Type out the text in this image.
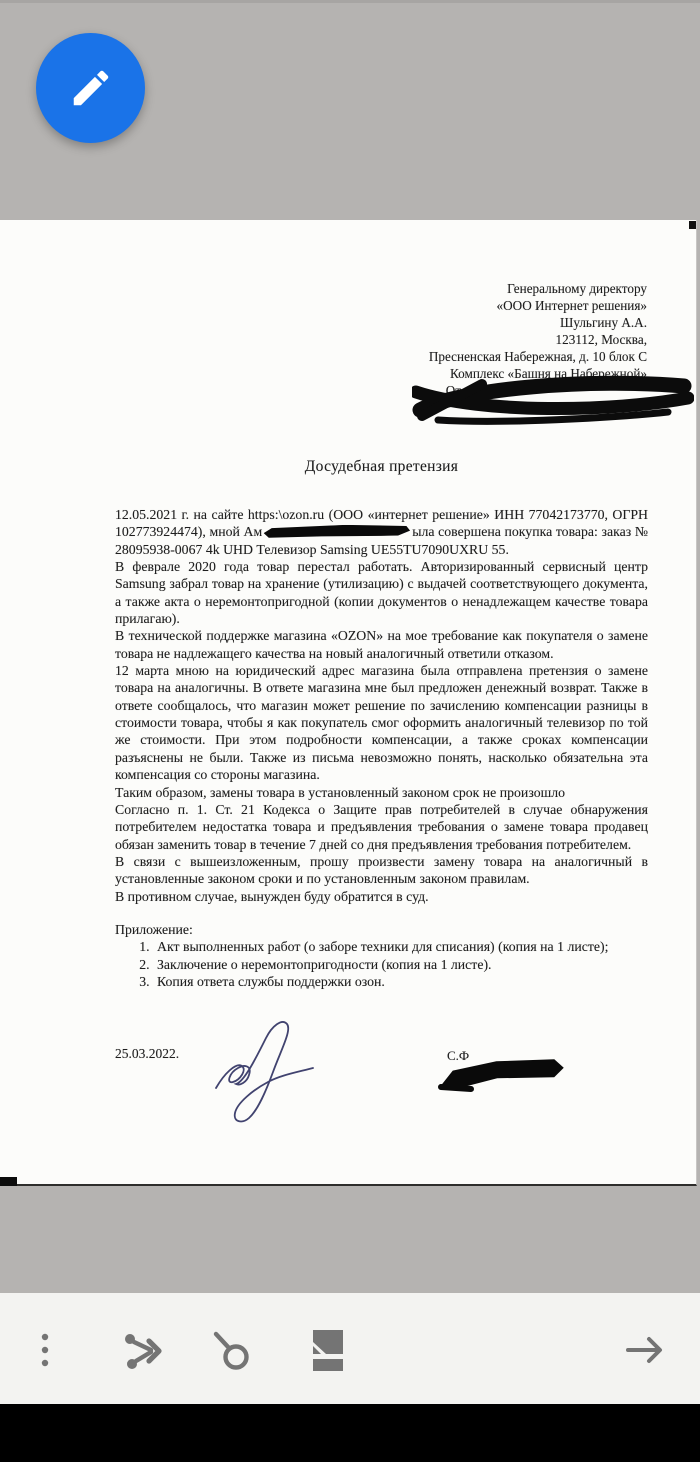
Генеральному директору
«ООО Интернет решения»
Шульгину А.А.
123112, Москва,
Пресненская Набережная, д. 10 блок С
Комплекс «Башня на Набережной»
От
Досудебная претензия

12.05.2021 г. на сайте https:\ozon.ru (ООО «интернет решение» ИНН 77042173770, ОГРН 102773924474), мной Ам	ыла совершена покупка товара: заказ № 28095938-0067 4k UHD Телевизор Samsing UE55TU7090UXRU 55.

В феврале 2020 года товар перестал работать. Авторизированный сервисный центр Samsung забрал товар на хранение (утилизацию) с выдачей соответствующего документа, а также акта о неремонтопригодной (копии документов о ненадлежащем качестве товара прилагаю).

В технической поддержке магазина «OZON» на мое требование как покупателя о замене товара не надлежащего качества на новый аналогичный ответили отказом.

12 марта мною на юридический адрес магазина была отправлена претензия о замене товара на аналогичны. В ответе магазина мне был предложен денежный возврат. Также в ответе сообщалось, что магазин может решение по зачислению компенсации разницы в стоимости товара, чтобы я как покупатель смог оформить аналогичный телевизор по той же стоимости. При этом подробности компенсации, а также сроках компенсации разъяснены не были. Также из письма невозможно понять, насколько обязательна эта компенсация со стороны магазина.

Таким образом, замены товара в установленный законом срок не произошло

Согласно п. 1. Ст. 21 Кодекса о Защите прав потребителей в случае обнаружения потребителем недостатка товара и предъявления требования о замене товара продавец обязан заменить товар в течение 7 дней со дня предъявления требования потребителем.

В связи с вышеизложенным, прошу произвести замену товара на аналогичный в установленные законом сроки и по установленным законом правилам.

В противном случае, вынужден буду обратится в суд.

Приложение:
1. Акт выполненных работ (о заборе техники для списания) (копия на 1 листе);
2. Заключение о неремонтопригодности (копия на 1 листе).
3. Копия ответа службы поддержки озон.
25.03.2022.	С.Ф
